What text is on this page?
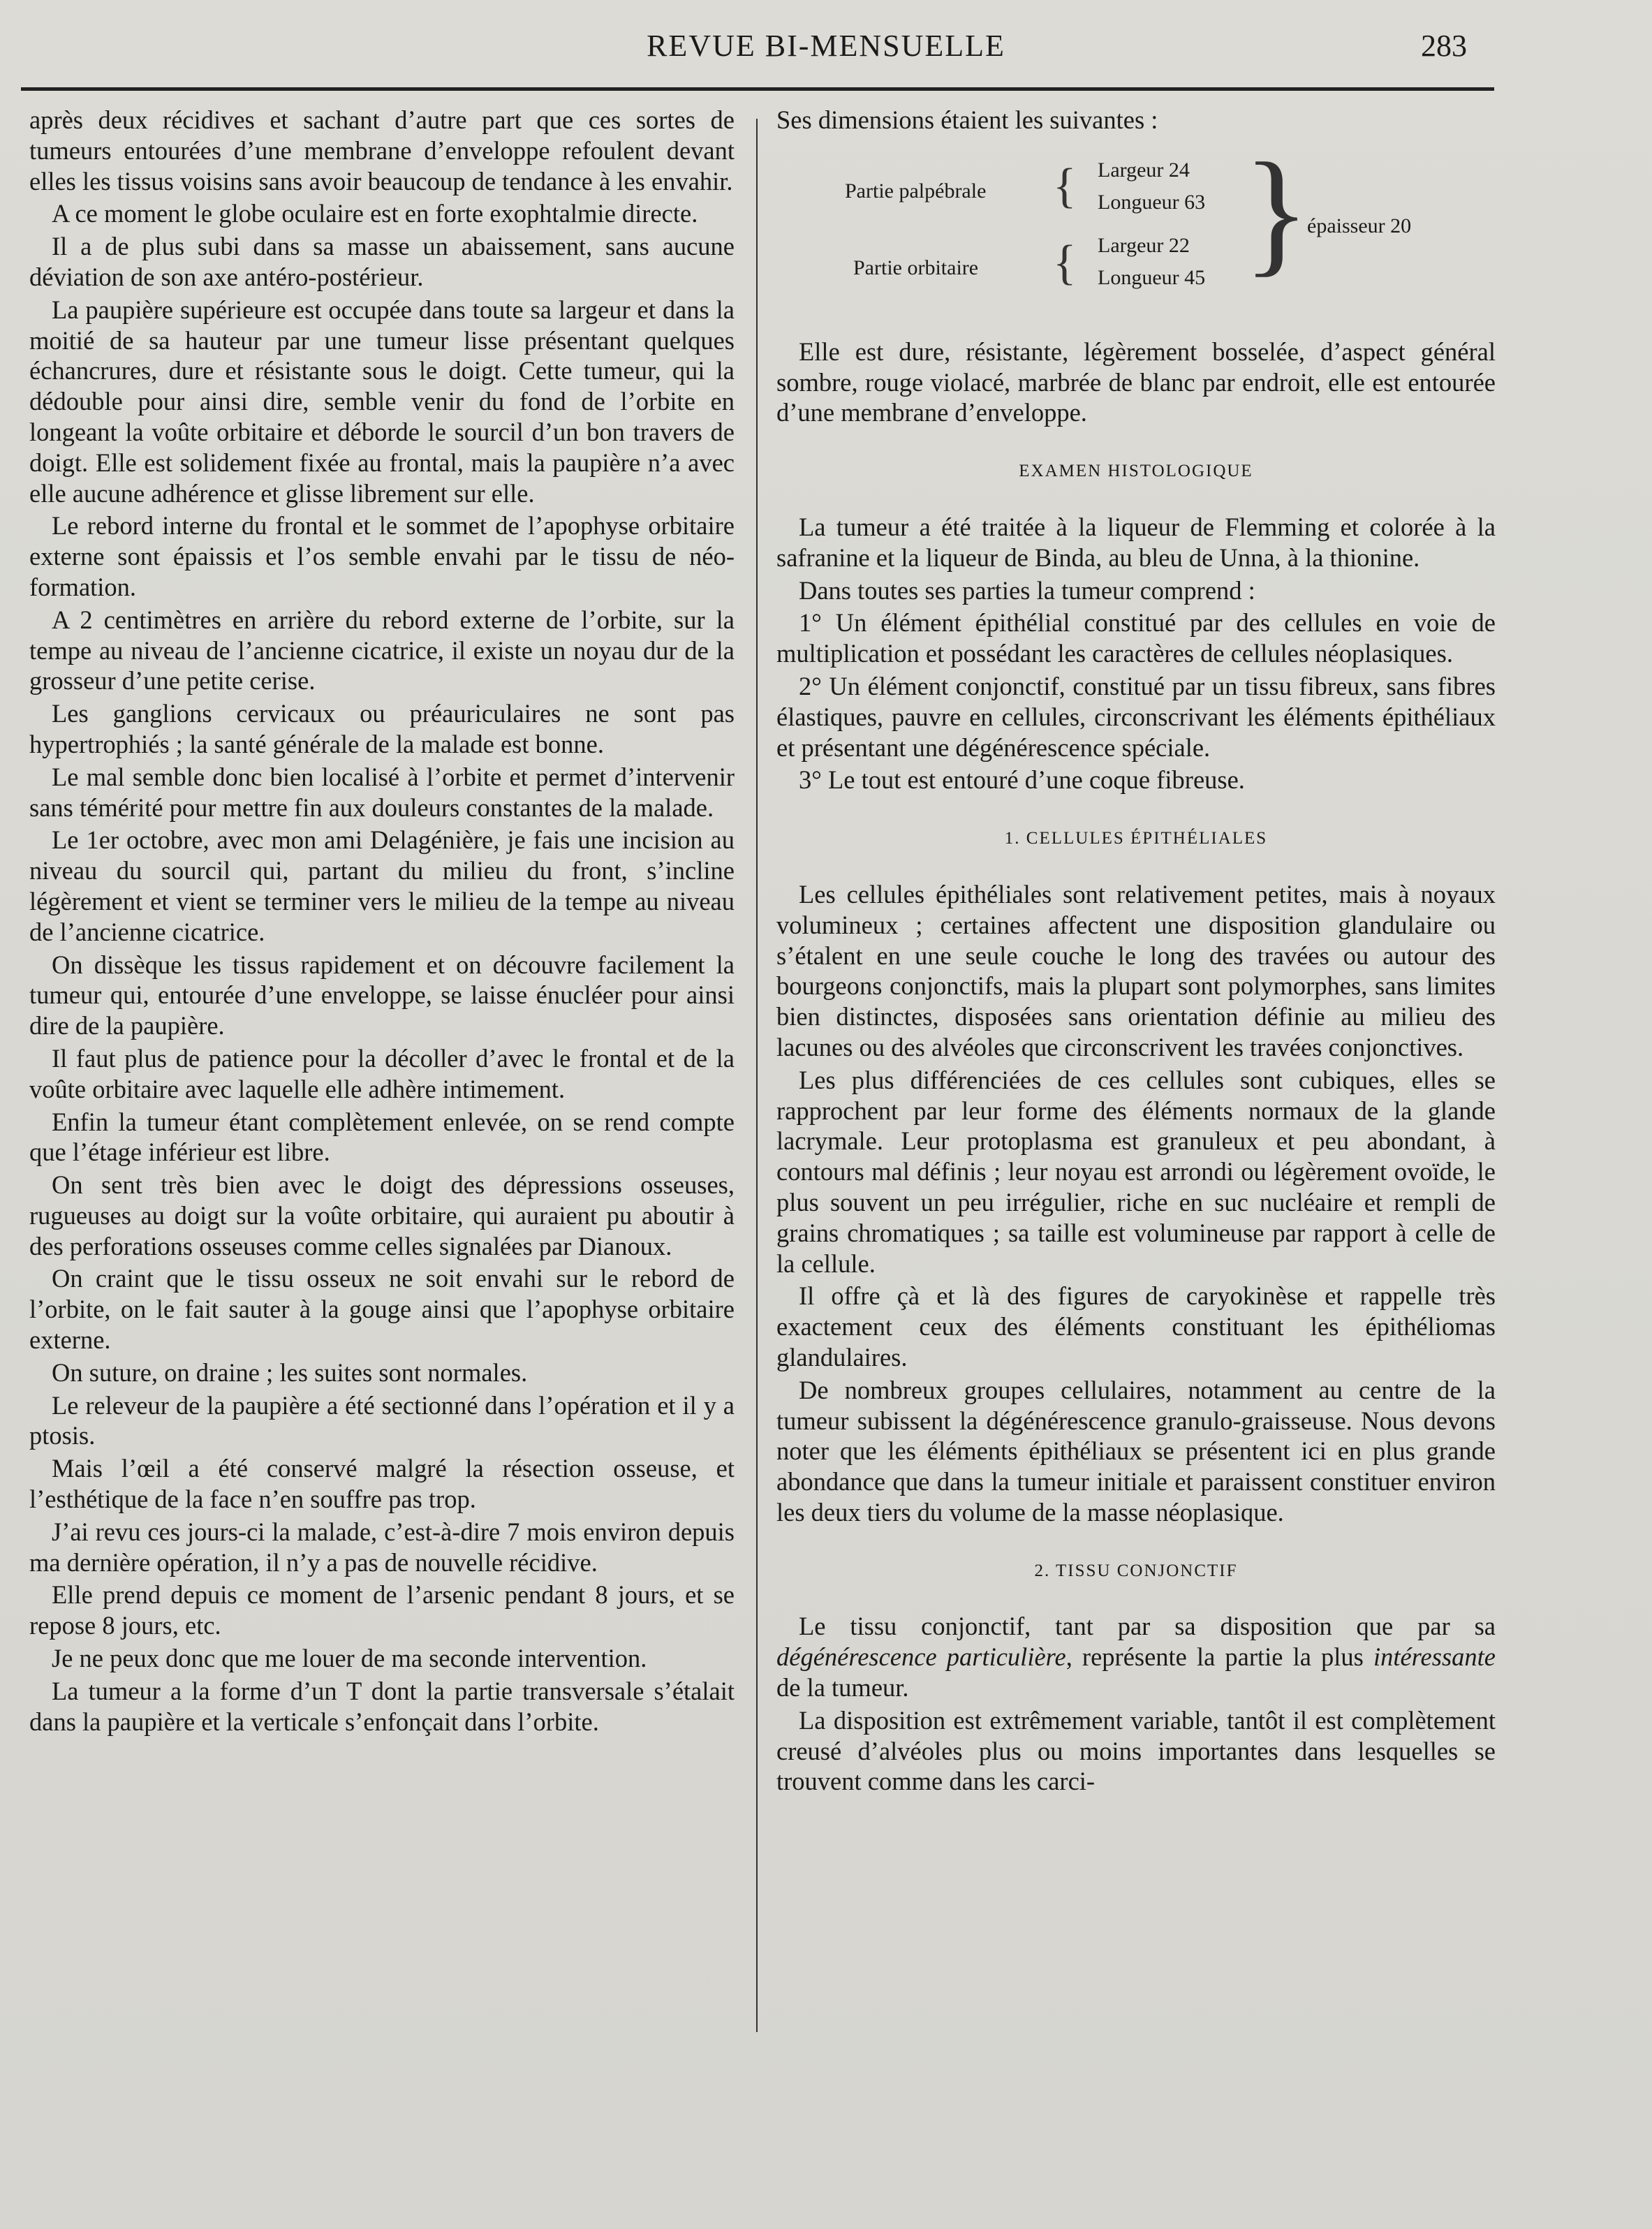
REVUE BI-MENSUELLE	283

après deux récidives et sachant d’autre part que ces sortes de tumeurs entourées d’une membrane d’enveloppe refoulent devant elles les tissus voisins sans avoir beaucoup de tendance à les envahir.

A ce moment le globe oculaire est en forte exophtalmie directe.

Il a de plus subi dans sa masse un abaissement, sans aucune déviation de son axe antéro-postérieur.

La paupière supérieure est occupée dans toute sa largeur et dans la moitié de sa hauteur par une tumeur lisse présentant quelques échancrures, dure et résistante sous le doigt. Cette tumeur, qui la dédouble pour ainsi dire, semble venir du fond de l’orbite en longeant la voûte orbitaire et déborde le sourcil d’un bon travers de doigt. Elle est solidement fixée au frontal, mais la paupière n’a avec elle aucune adhérence et glisse librement sur elle.

Le rebord interne du frontal et le sommet de l’apophyse orbitaire externe sont épaissis et l’os semble envahi par le tissu de néo-formation.

A 2 centimètres en arrière du rebord externe de l’orbite, sur la tempe au niveau de l’ancienne cicatrice, il existe un noyau dur de la grosseur d’une petite cerise.

Les ganglions cervicaux ou préauriculaires ne sont pas hypertrophiés ; la santé générale de la malade est bonne.

Le mal semble donc bien localisé à l’orbite et permet d’intervenir sans témérité pour mettre fin aux douleurs constantes de la malade.

Le 1er octobre, avec mon ami Delagénière, je fais une incision au niveau du sourcil qui, partant du milieu du front, s’incline légèrement et vient se terminer vers le milieu de la tempe au niveau de l’ancienne cicatrice.

On dissèque les tissus rapidement et on découvre facilement la tumeur qui, entourée d’une enveloppe, se laisse énucléer pour ainsi dire de la paupière.

Il faut plus de patience pour la décoller d’avec le frontal et de la voûte orbitaire avec laquelle elle adhère intimement.

Enfin la tumeur étant complètement enlevée, on se rend compte que l’étage inférieur est libre.

On sent très bien avec le doigt des dépressions osseuses, rugueuses au doigt sur la voûte orbitaire, qui auraient pu aboutir à des perforations osseuses comme celles signalées par Dianoux.

On craint que le tissu osseux ne soit envahi sur le rebord de l’orbite, on le fait sauter à la gouge ainsi que l’apophyse orbitaire externe.

On suture, on draine ; les suites sont normales.

Le releveur de la paupière a été sectionné dans l’opération et il y a ptosis.

Mais l’œil a été conservé malgré la résection osseuse, et l’esthétique de la face n’en souffre pas trop.

J’ai revu ces jours-ci la malade, c’est-à-dire 7 mois environ depuis ma dernière opération, il n’y a pas de nouvelle récidive.

Elle prend depuis ce moment de l’arsenic pendant 8 jours, et se repose 8 jours, etc.

Je ne peux donc que me louer de ma seconde intervention.

La tumeur a la forme d’un T dont la partie transversale s’étalait dans la paupière et la verticale s’enfonçait dans l’orbite.

Ses dimensions étaient les suivantes :

Partie palpébrale { Largeur 24
Longueur 63
Partie orbitaire { Largeur 22
Longueur 45 }
épaisseur 20

Elle est dure, résistante, légèrement bosselée, d’aspect général sombre, rouge violacé, marbrée de blanc par endroit, elle est entourée d’une membrane d’enveloppe.

EXAMEN HISTOLOGIQUE

La tumeur a été traitée à la liqueur de Flemming et colorée à la safranine et la liqueur de Binda, au bleu de Unna, à la thionine.

Dans toutes ses parties la tumeur comprend :

1° Un élément épithélial constitué par des cellules en voie de multiplication et possédant les caractères de cellules néoplasiques.

2° Un élément conjonctif, constitué par un tissu fibreux, sans fibres élastiques, pauvre en cellules, circonscrivant les éléments épithéliaux et présentant une dégénérescence spéciale.

3° Le tout est entouré d’une coque fibreuse.

1. CELLULES ÉPITHÉLIALES

Les cellules épithéliales sont relativement petites, mais à noyaux volumineux ; certaines affectent une disposition glandulaire ou s’étalent en une seule couche le long des travées ou autour des bourgeons conjonctifs, mais la plupart sont polymorphes, sans limites bien distinctes, disposées sans orientation définie au milieu des lacunes ou des alvéoles que circonscrivent les travées conjonctives.

Les plus différenciées de ces cellules sont cubiques, elles se rapprochent par leur forme des éléments normaux de la glande lacrymale. Leur protoplasma est granuleux et peu abondant, à contours mal définis ; leur noyau est arrondi ou légèrement ovoïde, le plus souvent un peu irrégulier, riche en suc nucléaire et rempli de grains chromatiques ; sa taille est volumineuse par rapport à celle de la cellule.

Il offre çà et là des figures de caryokinèse et rappelle très exactement ceux des éléments constituant les épithéliomas glandulaires.

De nombreux groupes cellulaires, notamment au centre de la tumeur subissent la dégénérescence granulo-graisseuse. Nous devons noter que les éléments épithéliaux se présentent ici en plus grande abondance que dans la tumeur initiale et paraissent constituer environ les deux tiers du volume de la masse néoplasique.

2. TISSU CONJONCTIF

Le tissu conjonctif, tant par sa disposition que par sa dégénérescence particulière, représente la partie la plus intéressante de la tumeur.

La disposition est extrêmement variable, tantôt il est complètement creusé d’alvéoles plus ou moins importantes dans lesquelles se trouvent comme dans les carci-
